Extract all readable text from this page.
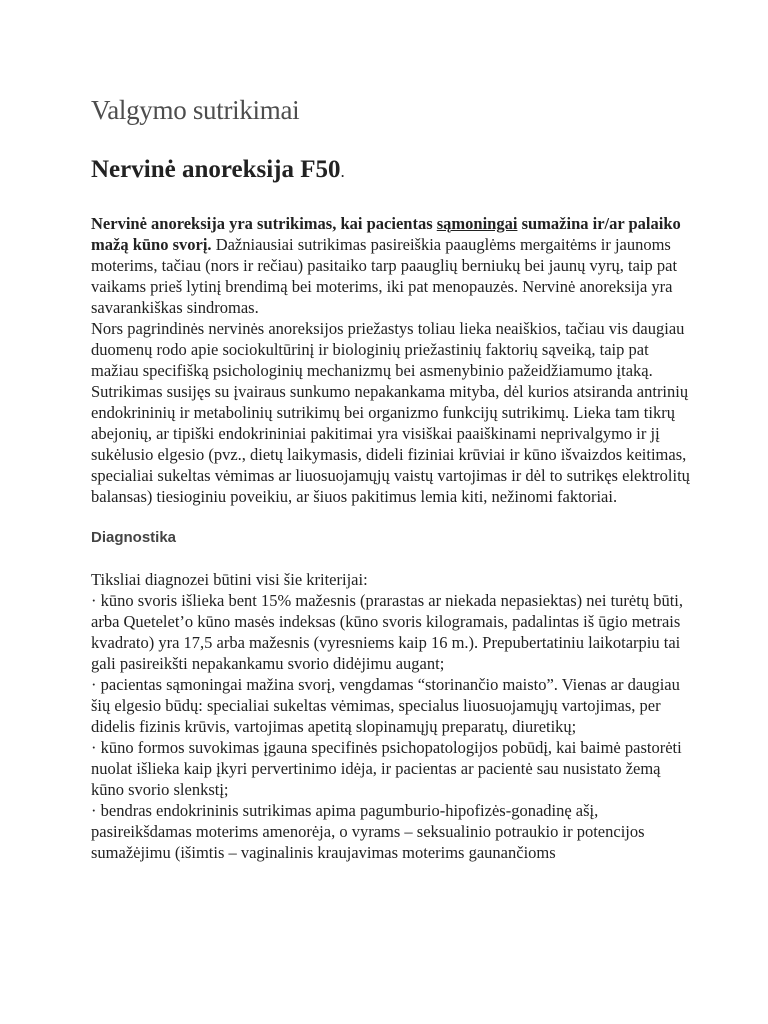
Valgymo sutrikimai
Nervinė anoreksija F50.
Nervinė anoreksija yra sutrikimas, kai pacientas sąmoningai sumažina ir/ar palaiko mažą kūno svorį. Dažniausiai sutrikimas pasireiškia paauglėms mergaitėms ir jaunoms moterims, tačiau (nors ir rečiau) pasitaiko tarp paauglių berniukų bei jaunų vyrų, taip pat vaikams prieš lytinį brendimą bei moterims, iki pat menopauzės. Nervinė anoreksija yra savarankiškas sindromas.

Nors pagrindinės nervinės anoreksijos priežastys toliau lieka neaiškios, tačiau vis daugiau duomenų rodo apie sociokultūrinį ir biologinių priežastinių faktorių sąveiką, taip pat mažiau specifišką psichologinių mechanizmų bei asmenybinio pažeidžiamumo įtaką. Sutrikimas susijęs su įvairaus sunkumo nepakankama mityba, dėl kurios atsiranda antrinių endokrininių ir metabolinių sutrikimų bei organizmo funkcijų sutrikimų. Lieka tam tikrų abejonių, ar tipiški endokrininiai pakitimai yra visiškai paaiškinami neprivalgymo ir jį sukėlusio elgesio (pvz., dietų laikymasis, dideli fiziniai krūviai ir kūno išvaizdos keitimas, specialiai sukeltas vėmimas ar liuosuojamųjų vaistų vartojimas ir dėl to sutrikęs elektrolitų balansas) tiesioginiu poveikiu, ar šiuos pakitimus lemia kiti, nežinomi faktoriai.

Diagnostika

Tiksliai diagnozei būtini visi šie kriterijai:

· kūno svoris išlieka bent 15% mažesnis (prarastas ar niekada nepasiektas) nei turėtų būti, arba Quetelet’o kūno masės indeksas (kūno svoris kilogramais, padalintas iš ūgio metrais kvadrato) yra 17,5 arba mažesnis (vyresniems kaip 16 m.). Prepubertatiniu laikotarpiu tai gali pasireikšti nepakankamu svorio didėjimu augant;

· pacientas sąmoningai mažina svorį, vengdamas “storinančio maisto”. Vienas ar daugiau šių elgesio būdų: specialiai sukeltas vėmimas, specialus liuosuojamųjų vartojimas, per didelis fizinis krūvis, vartojimas apetitą slopinamųjų preparatų, diuretikų;

· kūno formos suvokimas įgauna specifinės psichopatologijos pobūdį, kai baimė pastorėti nuolat išlieka kaip įkyri pervertinimo idėja, ir pacientas ar pacientė sau nusistato žemą kūno svorio slenkstį;

· bendras endokrininis sutrikimas apima pagumburio-hipofizės-gonadinę ašį, pasireikšdamas moterims amenorėja, o vyrams – seksualinio potraukio ir potencijos sumažėjimu (išimtis – vaginalinis kraujavimas moterims gaunančioms
